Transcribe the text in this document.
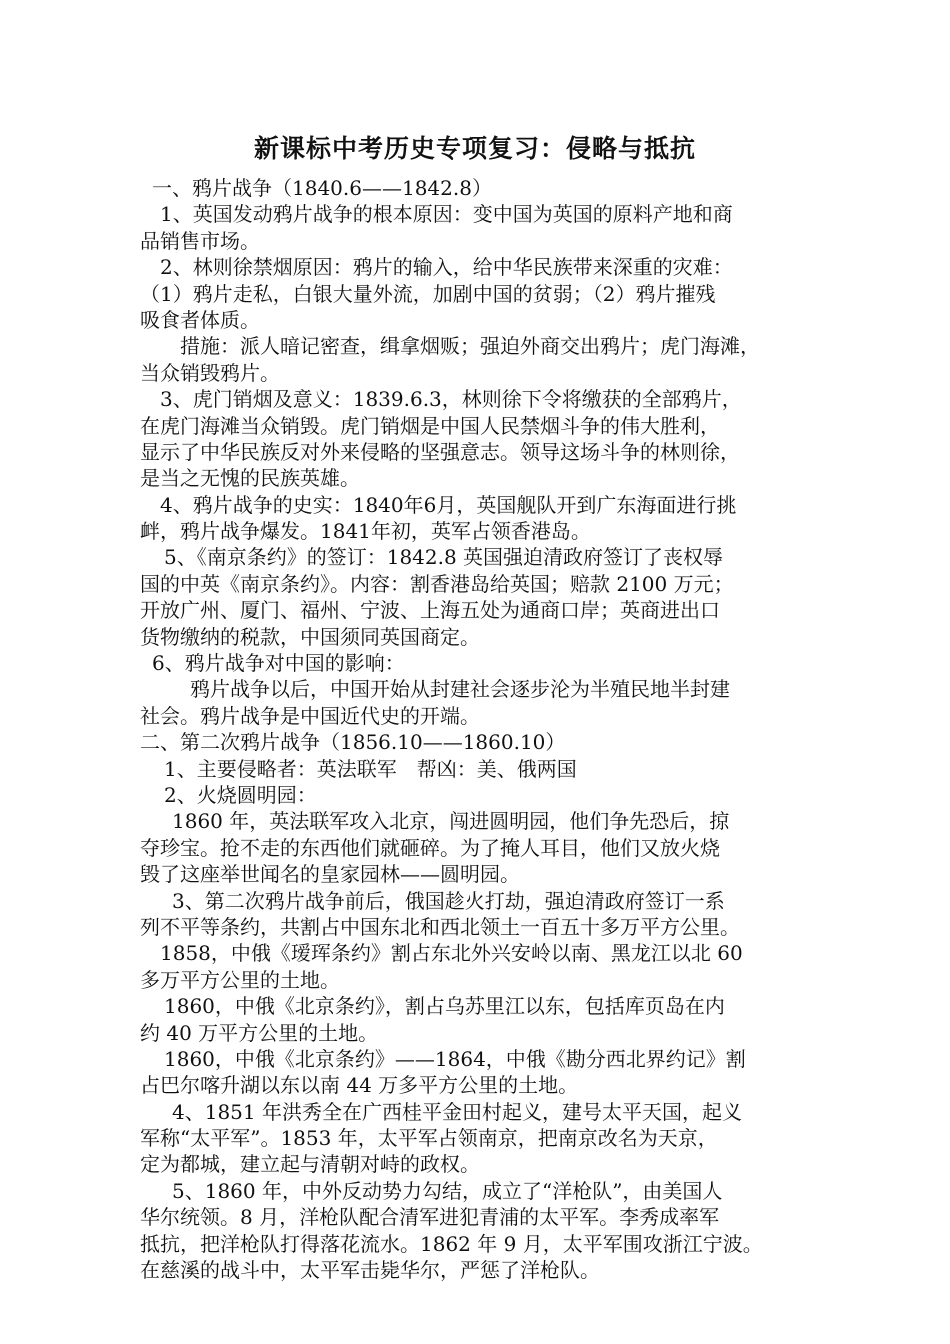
新课标中考历史专项复习：侵略与抵抗
一、鸦片战争（1840.6——1842.8）
1、英国发动鸦片战争的根本原因：变中国为英国的原料产地和商
品销售市场。
2、林则徐禁烟原因：鸦片的输入，给中华民族带来深重的灾难：
（1）鸦片走私，白银大量外流，加剧中国的贫弱；（2）鸦片摧残
吸食者体质。
措施：派人暗记密查，缉拿烟贩；强迫外商交出鸦片；虎门海滩，
当众销毁鸦片。
3、虎门销烟及意义：1839.6.3，林则徐下令将缴获的全部鸦片，
在虎门海滩当众销毁。虎门销烟是中国人民禁烟斗争的伟大胜利，
显示了中华民族反对外来侵略的坚强意志。领导这场斗争的林则徐，
是当之无愧的民族英雄。
4、鸦片战争的史实：1840年6月，英国舰队开到广东海面进行挑
衅，鸦片战争爆发。1841年初，英军占领香港岛。
5、《南京条约》的签订：1842.8 英国强迫清政府签订了丧权辱
国的中英《南京条约》。内容：割香港岛给英国；赔款 2100 万元；
开放广州、厦门、福州、宁波、上海五处为通商口岸；英商进出口
货物缴纳的税款，中国须同英国商定。
6、鸦片战争对中国的影响：
鸦片战争以后，中国开始从封建社会逐步沦为半殖民地半封建
社会。鸦片战争是中国近代史的开端。
二、第二次鸦片战争（1856.10——1860.10）
1、主要侵略者：英法联军　帮凶：美、俄两国
2、火烧圆明园：
1860 年，英法联军攻入北京，闯进圆明园，他们争先恐后，掠
夺珍宝。抢不走的东西他们就砸碎。为了掩人耳目，他们又放火烧
毁了这座举世闻名的皇家园林——圆明园。
3、第二次鸦片战争前后，俄国趁火打劫，强迫清政府签订一系
列不平等条约，共割占中国东北和西北领土一百五十多万平方公里。
1858，中俄《瑷珲条约》割占东北外兴安岭以南、黑龙江以北 60
多万平方公里的土地。
1860，中俄《北京条约》，割占乌苏里江以东，包括库页岛在内
约 40 万平方公里的土地。
1860，中俄《北京条约》——1864，中俄《勘分西北界约记》割
占巴尔喀升湖以东以南 44 万多平方公里的土地。
4、1851 年洪秀全在广西桂平金田村起义，建号太平天国，起义
军称“太平军”。1853 年，太平军占领南京，把南京改名为天京，
定为都城，建立起与清朝对峙的政权。
5、1860 年，中外反动势力勾结，成立了“洋枪队”，由美国人
华尔统领。8 月，洋枪队配合清军进犯青浦的太平军。李秀成率军
抵抗，把洋枪队打得落花流水。1862 年 9 月，太平军围攻浙江宁波。
在慈溪的战斗中，太平军击毙华尔，严惩了洋枪队。
